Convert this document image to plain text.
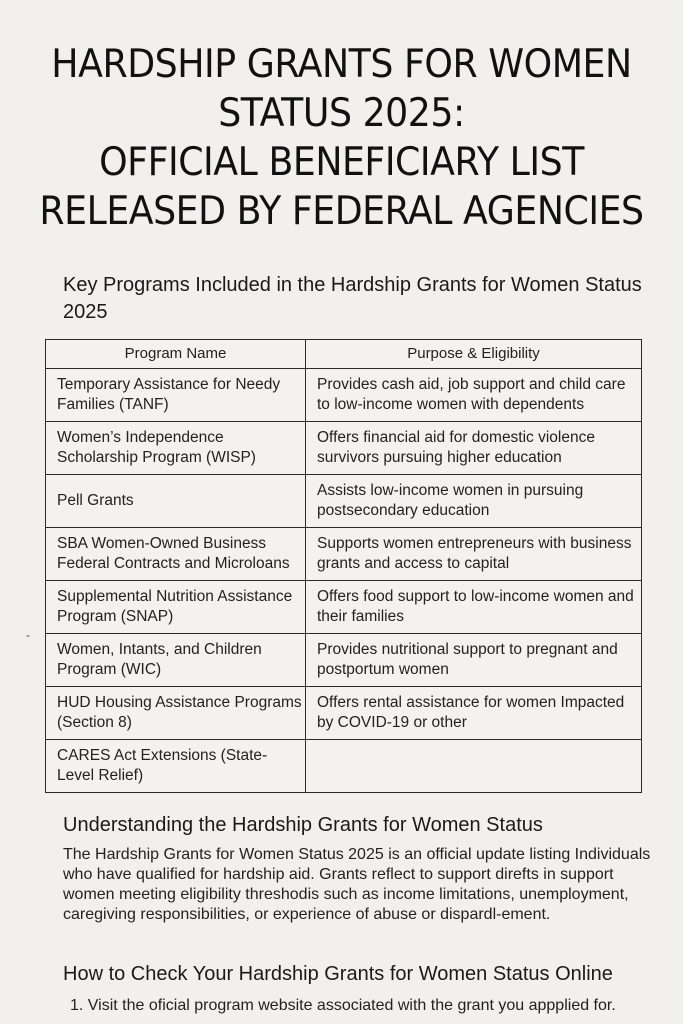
HARDSHIP GRANTS FOR WOMEN
STATUS 2025:
OFFICIAL BENEFICIARY LIST
RELEASED BY FEDERAL AGENCIES
Key Programs Included in the Hardship Grants for Women Status 2025
Program Name	Purpose & Eligibility
Temporary Assistance for Needy Families (TANF)	Provides cash aid, job support and child care to low-income women with dependents
Women’s Independence Scholarship Program (WISP)	Offers financial aid for domestic violence survivors pursuing higher education
Pell Grants	Assists low-income women in pursuing postsecondary education
SBA Women-Owned Business Federal Contracts and Microloans	Supports women entrepreneurs with business grants and access to capital
Supplemental Nutrition Assistance Program (SNAP)	Offers food support to low-income women and their families
Women, Intants, and Children Program (WIC)	Provides nutritional support to pregnant and postportum women
HUD Housing Assistance Programs (Section 8)	Offers rental assistance for women Impacted by COVID-19 or other
CARES Act Extensions (State-Level Relief)	
-
Understanding the Hardship Grants for Women Status
The Hardship Grants for Women Status 2025 is an official update listing Individuals who have qualified for hardship aid. Grants reflect to support direfts in support women meeting eligibility threshodis such as income limitations, unemployment, caregiving responsibilities, or experience of abuse or dispardl-ement.
How to Check Your Hardship Grants for Women Status Online
1. Visit the oficial program website associated with the grant you appplied for.
